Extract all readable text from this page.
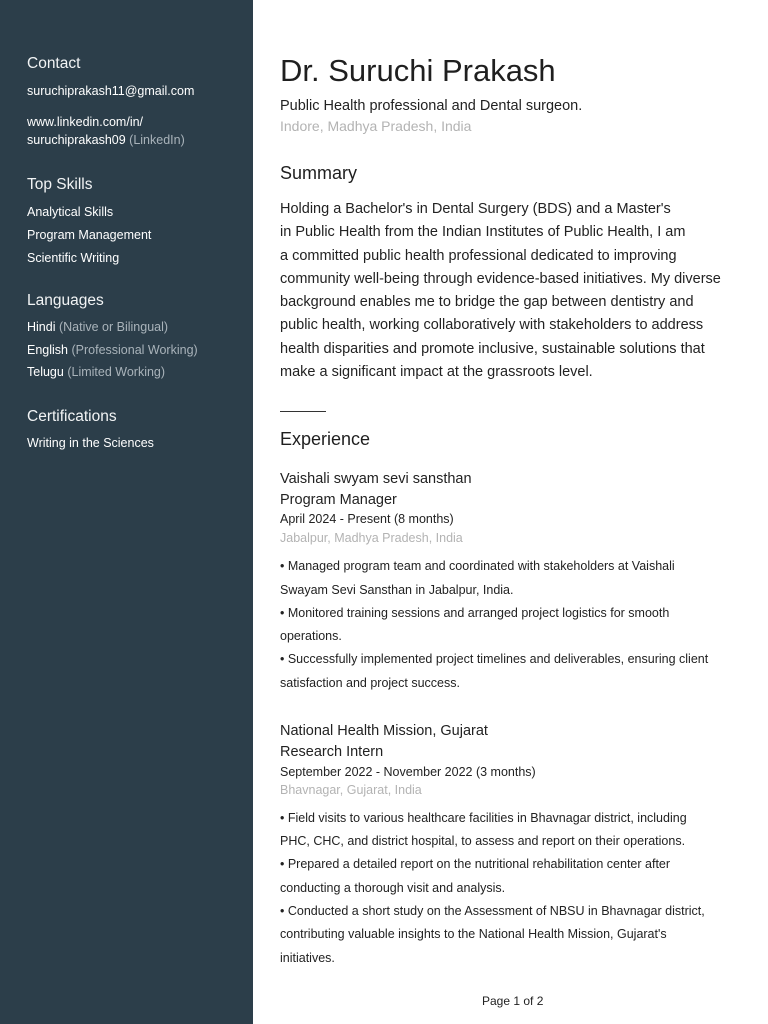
Contact
suruchiprakash11@gmail.com
www.linkedin.com/in/
suruchiprakash09 (LinkedIn)
Top Skills
Analytical Skills
Program Management
Scientific Writing
Languages
Hindi (Native or Bilingual)
English (Professional Working)
Telugu (Limited Working)
Certifications
Writing in the Sciences
Dr. Suruchi Prakash
Public Health professional and Dental surgeon.
Indore, Madhya Pradesh, India
Summary
Holding a Bachelor's in Dental Surgery (BDS) and a Master's
in Public Health from the Indian Institutes of Public Health, I am
a committed public health professional dedicated to improving
community well-being through evidence-based initiatives. My diverse
background enables me to bridge the gap between dentistry and
public health, working collaboratively with stakeholders to address
health disparities and promote inclusive, sustainable solutions that
make a significant impact at the grassroots level.
Experience
Vaishali swyam sevi sansthan
Program Manager
April 2024 - Present (8 months)
Jabalpur, Madhya Pradesh, India
• Managed program team and coordinated with stakeholders at Vaishali
Swayam Sevi Sansthan in Jabalpur, India.
• Monitored training sessions and arranged project logistics for smooth
operations.
• Successfully implemented project timelines and deliverables, ensuring client
satisfaction and project success.
National Health Mission, Gujarat
Research Intern
September 2022 - November 2022 (3 months)
Bhavnagar, Gujarat, India
• Field visits to various healthcare facilities in Bhavnagar district, including
PHC, CHC, and district hospital, to assess and report on their operations.
• Prepared a detailed report on the nutritional rehabilitation center after
conducting a thorough visit and analysis.
• Conducted a short study on the Assessment of NBSU in Bhavnagar district,
contributing valuable insights to the National Health Mission, Gujarat's
initiatives.
Page 1 of 2
